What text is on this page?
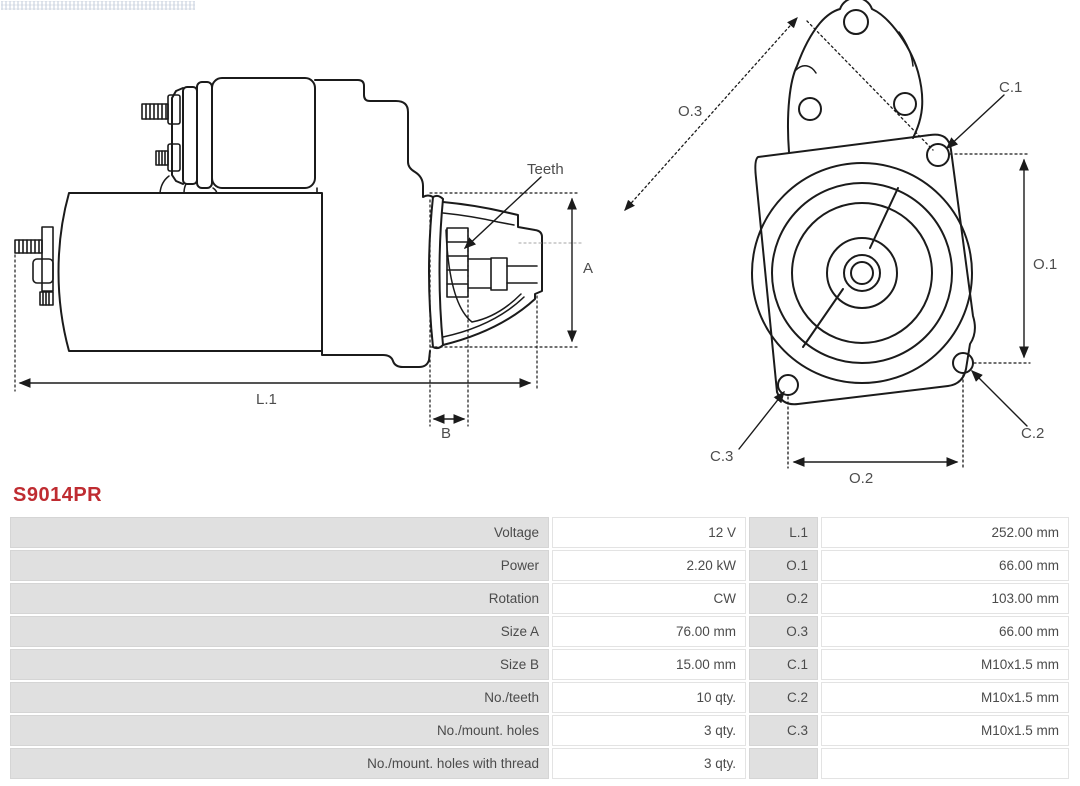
Teeth
A
L.1
B
O.3
C.1
O.1
O.2
C.2
C.3
S9014PR
Voltage	12 V	L.1	252.00 mm
Power	2.20 kW	O.1	66.00 mm
Rotation	CW	O.2	103.00 mm
Size A	76.00 mm	O.3	66.00 mm
Size B	15.00 mm	C.1	M10x1.5 mm
No./teeth	10 qty.	C.2	M10x1.5 mm
No./mount. holes	3 qty.	C.3	M10x1.5 mm
No./mount. holes with thread	3 qty.
